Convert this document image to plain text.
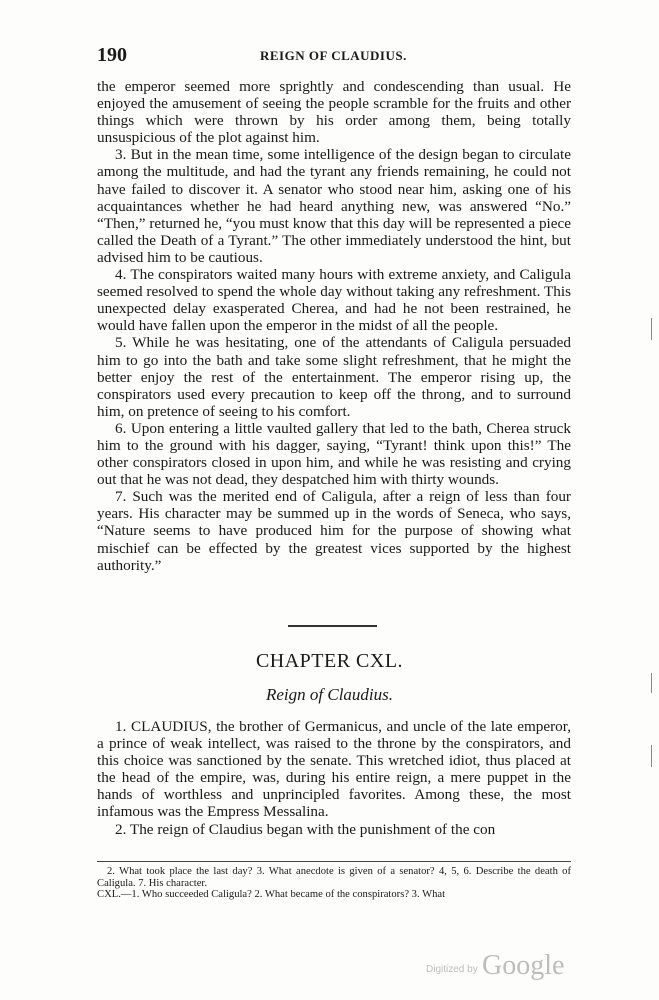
190	REIGN OF CLAUDIUS.

the emperor seemed more sprightly and condescending than usual. He enjoyed the amusement of seeing the people scramble for the fruits and other things which were thrown by his order among them, being totally unsuspicious of the plot against him.

3. But in the mean time, some intelligence of the design began to circulate among the multitude, and had the tyrant any friends remaining, he could not have failed to discover it. A senator who stood near him, asking one of his acquaintances whether he had heard anything new, was answered “No.” “Then,” returned he, “you must know that this day will be represented a piece called the Death of a Tyrant.” The other immediately understood the hint, but advised him to be cautious.

4. The conspirators waited many hours with extreme anxiety, and Caligula seemed resolved to spend the whole day without taking any refreshment. This unexpected delay exasperated Cherea, and had he not been restrained, he would have fallen upon the emperor in the midst of all the people.

5. While he was hesitating, one of the attendants of Caligula persuaded him to go into the bath and take some slight refreshment, that he might the better enjoy the rest of the entertainment. The emperor rising up, the conspirators used every precaution to keep off the throng, and to surround him, on pretence of seeing to his comfort.

6. Upon entering a little vaulted gallery that led to the bath, Cherea struck him to the ground with his dagger, saying, “Tyrant! think upon this!” The other conspirators closed in upon him, and while he was resisting and crying out that he was not dead, they despatched him with thirty wounds.

7. Such was the merited end of Caligula, after a reign of less than four years. His character may be summed up in the words of Seneca, who says, “Nature seems to have produced him for the purpose of showing what mischief can be effected by the greatest vices supported by the highest authority.”

CHAPTER CXL.
Reign of Claudius.

1. CLAUDIUS, the brother of Germanicus, and uncle of the late emperor, a prince of weak intellect, was raised to the throne by the conspirators, and this choice was sanctioned by the senate. This wretched idiot, thus placed at the head of the empire, was, during his entire reign, a mere puppet in the hands of worthless and unprincipled favorites. Among these, the most infamous was the Empress Messalina.

2. The reign of Claudius began with the punishment of the con

2. What took place the last day? 3. What anecdote is given of a senator? 4, 5, 6. Describe the death of Caligula. 7. His character.

CXL.—1. Who succeeded Caligula? 2. What became of the conspirators? 3. What

Digitized by Google
